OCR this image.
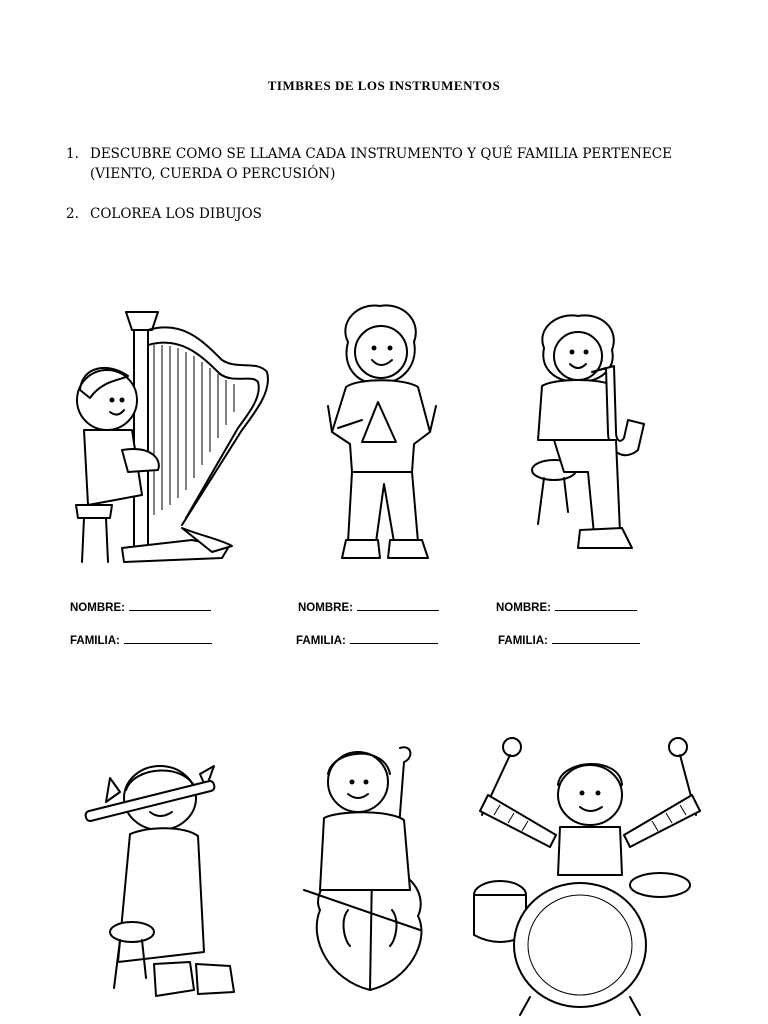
TIMBRES DE LOS INSTRUMENTOS
1. DESCUBRE COMO SE LLAMA CADA INSTRUMENTO Y QUÉ FAMILIA PERTENECE
(VIENTO, CUERDA O PERCUSIÓN)
2. COLOREA LOS DIBUJOS
NOMBRE:	NOMBRE:	NOMBRE:
FAMILIA:	FAMILIA:	FAMILIA:
